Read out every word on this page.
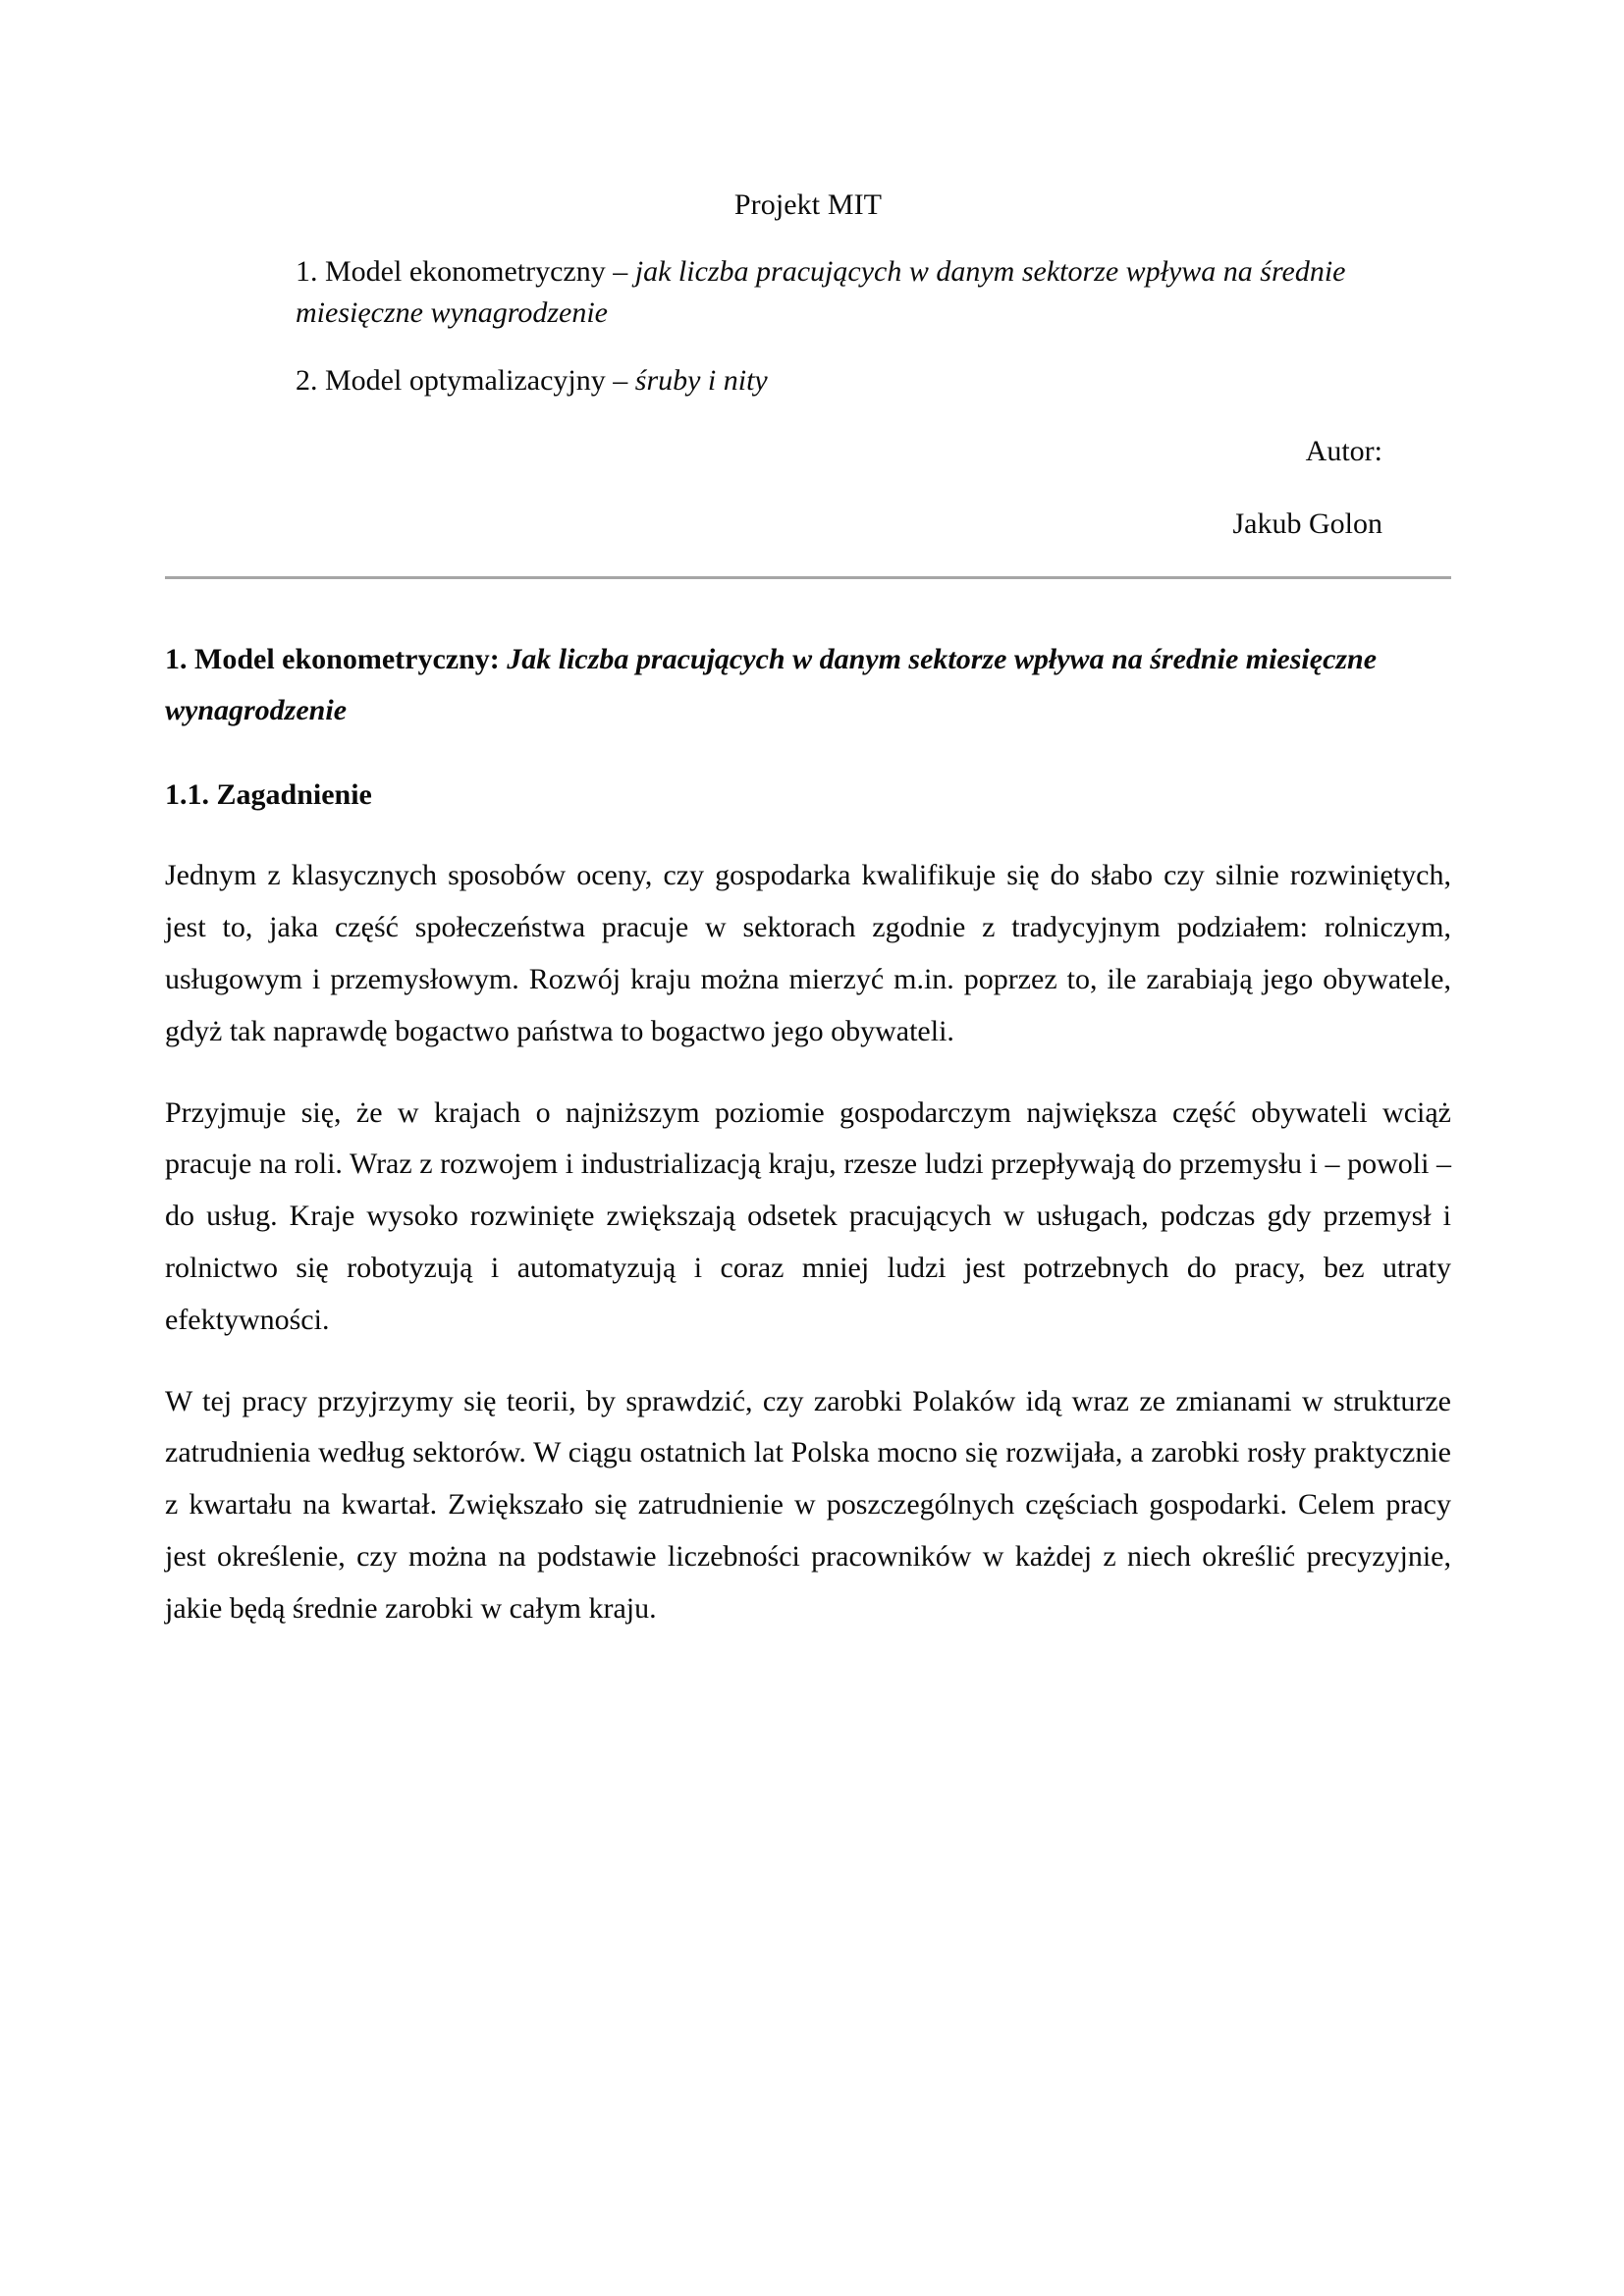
Projekt MIT
1. Model ekonometryczny – jak liczba pracujących w danym sektorze wpływa na średnie miesięczne wynagrodzenie
2. Model optymalizacyjny – śruby i nity
Autor:
Jakub Golon
1. Model ekonometryczny: Jak liczba pracujących w danym sektorze wpływa na średnie miesięczne wynagrodzenie
1.1. Zagadnienie

Jednym z klasycznych sposobów oceny, czy gospodarka kwalifikuje się do słabo czy silnie rozwiniętych, jest to, jaka część społeczeństwa pracuje w sektorach zgodnie z tradycyjnym podziałem: rolniczym, usługowym i przemysłowym. Rozwój kraju można mierzyć m.in. poprzez to, ile zarabiają jego obywatele, gdyż tak naprawdę bogactwo państwa to bogactwo jego obywateli.

Przyjmuje się, że w krajach o najniższym poziomie gospodarczym największa część obywateli wciąż pracuje na roli. Wraz z rozwojem i industrializacją kraju, rzesze ludzi przepływają do przemysłu i – powoli – do usług. Kraje wysoko rozwinięte zwiększają odsetek pracujących w usługach, podczas gdy przemysł i rolnictwo się robotyzują i automatyzują i coraz mniej ludzi jest potrzebnych do pracy, bez utraty efektywności.

W tej pracy przyjrzymy się teorii, by sprawdzić, czy zarobki Polaków idą wraz ze zmianami w strukturze zatrudnienia według sektorów. W ciągu ostatnich lat Polska mocno się rozwijała, a zarobki rosły praktycznie z kwartału na kwartał. Zwiększało się zatrudnienie w poszczególnych częściach gospodarki. Celem pracy jest określenie, czy można na podstawie liczebności pracowników w każdej z niech określić precyzyjnie, jakie będą średnie zarobki w całym kraju.
